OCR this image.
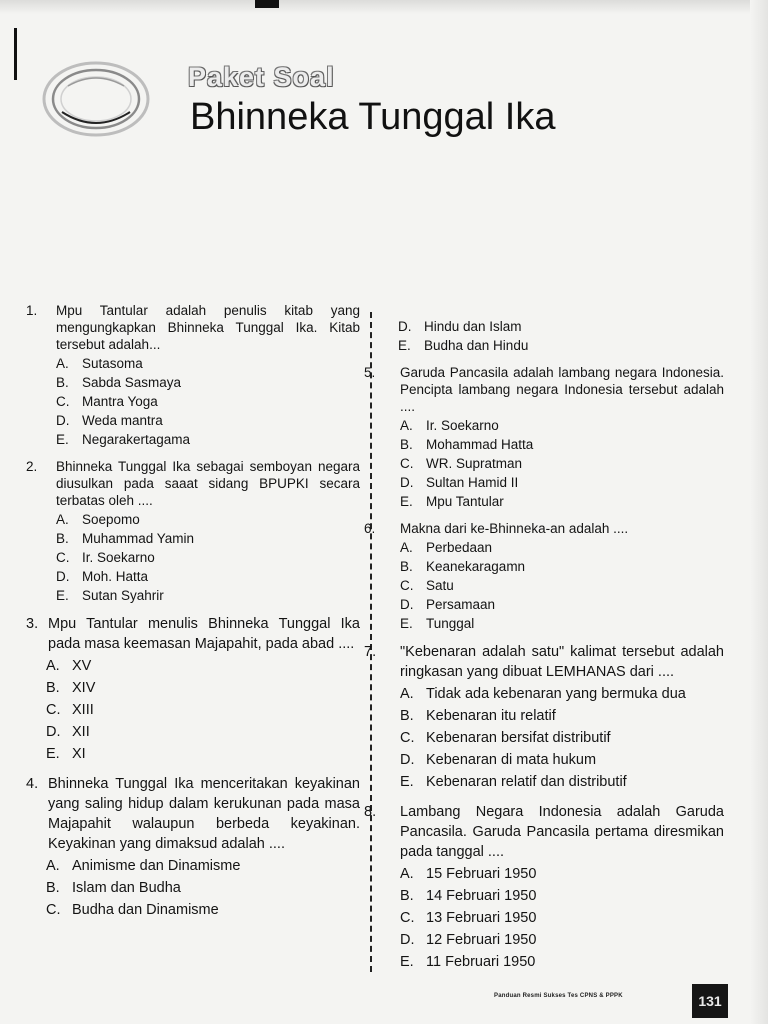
Paket Soal
Bhinneka Tunggal Ika
1.	Mpu Tantular adalah penulis kitab yang mengungkapkan Bhinneka Tunggal Ika. Kitab tersebut adalah...
A. Sutasoma
B. Sabda Sasmaya
C. Mantra Yoga
D. Weda mantra
E. Negarakertagama
2.	Bhinneka Tunggal Ika sebagai semboyan negara diusulkan pada saaat sidang BPUPKI secara terbatas oleh ....
A. Soepomo
B. Muhammad Yamin
C. Ir. Soekarno
D. Moh. Hatta
E. Sutan Syahrir
3. Mpu Tantular menulis Bhinneka Tunggal Ika pada masa keemasan Majapahit, pada abad ....
A. XV
B. XIV
C. XIII
D. XII
E. XI
4. Bhinneka Tunggal Ika menceritakan keyakinan yang saling hidup dalam kerukunan pada masa Majapahit walaupun berbeda keyakinan. Keyakinan yang dimaksud adalah ....
A. Animisme dan Dinamisme
B. Islam dan Budha
C. Budha dan Dinamisme
D. Hindu dan Islam
E. Budha dan Hindu
5.	Garuda Pancasila adalah lambang negara Indonesia. Pencipta lambang negara Indonesia tersebut adalah ....
A. Ir. Soekarno
B. Mohammad Hatta
C. WR. Supratman
D. Sultan Hamid II
E. Mpu Tantular
6.	Makna dari ke-Bhinneka-an adalah ....
A. Perbedaan
B. Keanekaragamn
C. Satu
D. Persamaan
E. Tunggal
7.	"Kebenaran adalah satu" kalimat tersebut adalah ringkasan yang dibuat LEMHANAS dari ....
A. Tidak ada kebenaran yang bermuka dua
B. Kebenaran itu relatif
C. Kebenaran bersifat distributif
D. Kebenaran di mata hukum
E. Kebenaran relatif dan distributif
8.	Lambang Negara Indonesia adalah Garuda Pancasila. Garuda Pancasila pertama diresmikan pada tanggal ....
A. 15 Februari 1950
B. 14 Februari 1950
C. 13 Februari 1950
D. 12 Februari 1950
E. 11 Februari 1950
Panduan Resmi Sukses Tes CPNS & PPPK	131
